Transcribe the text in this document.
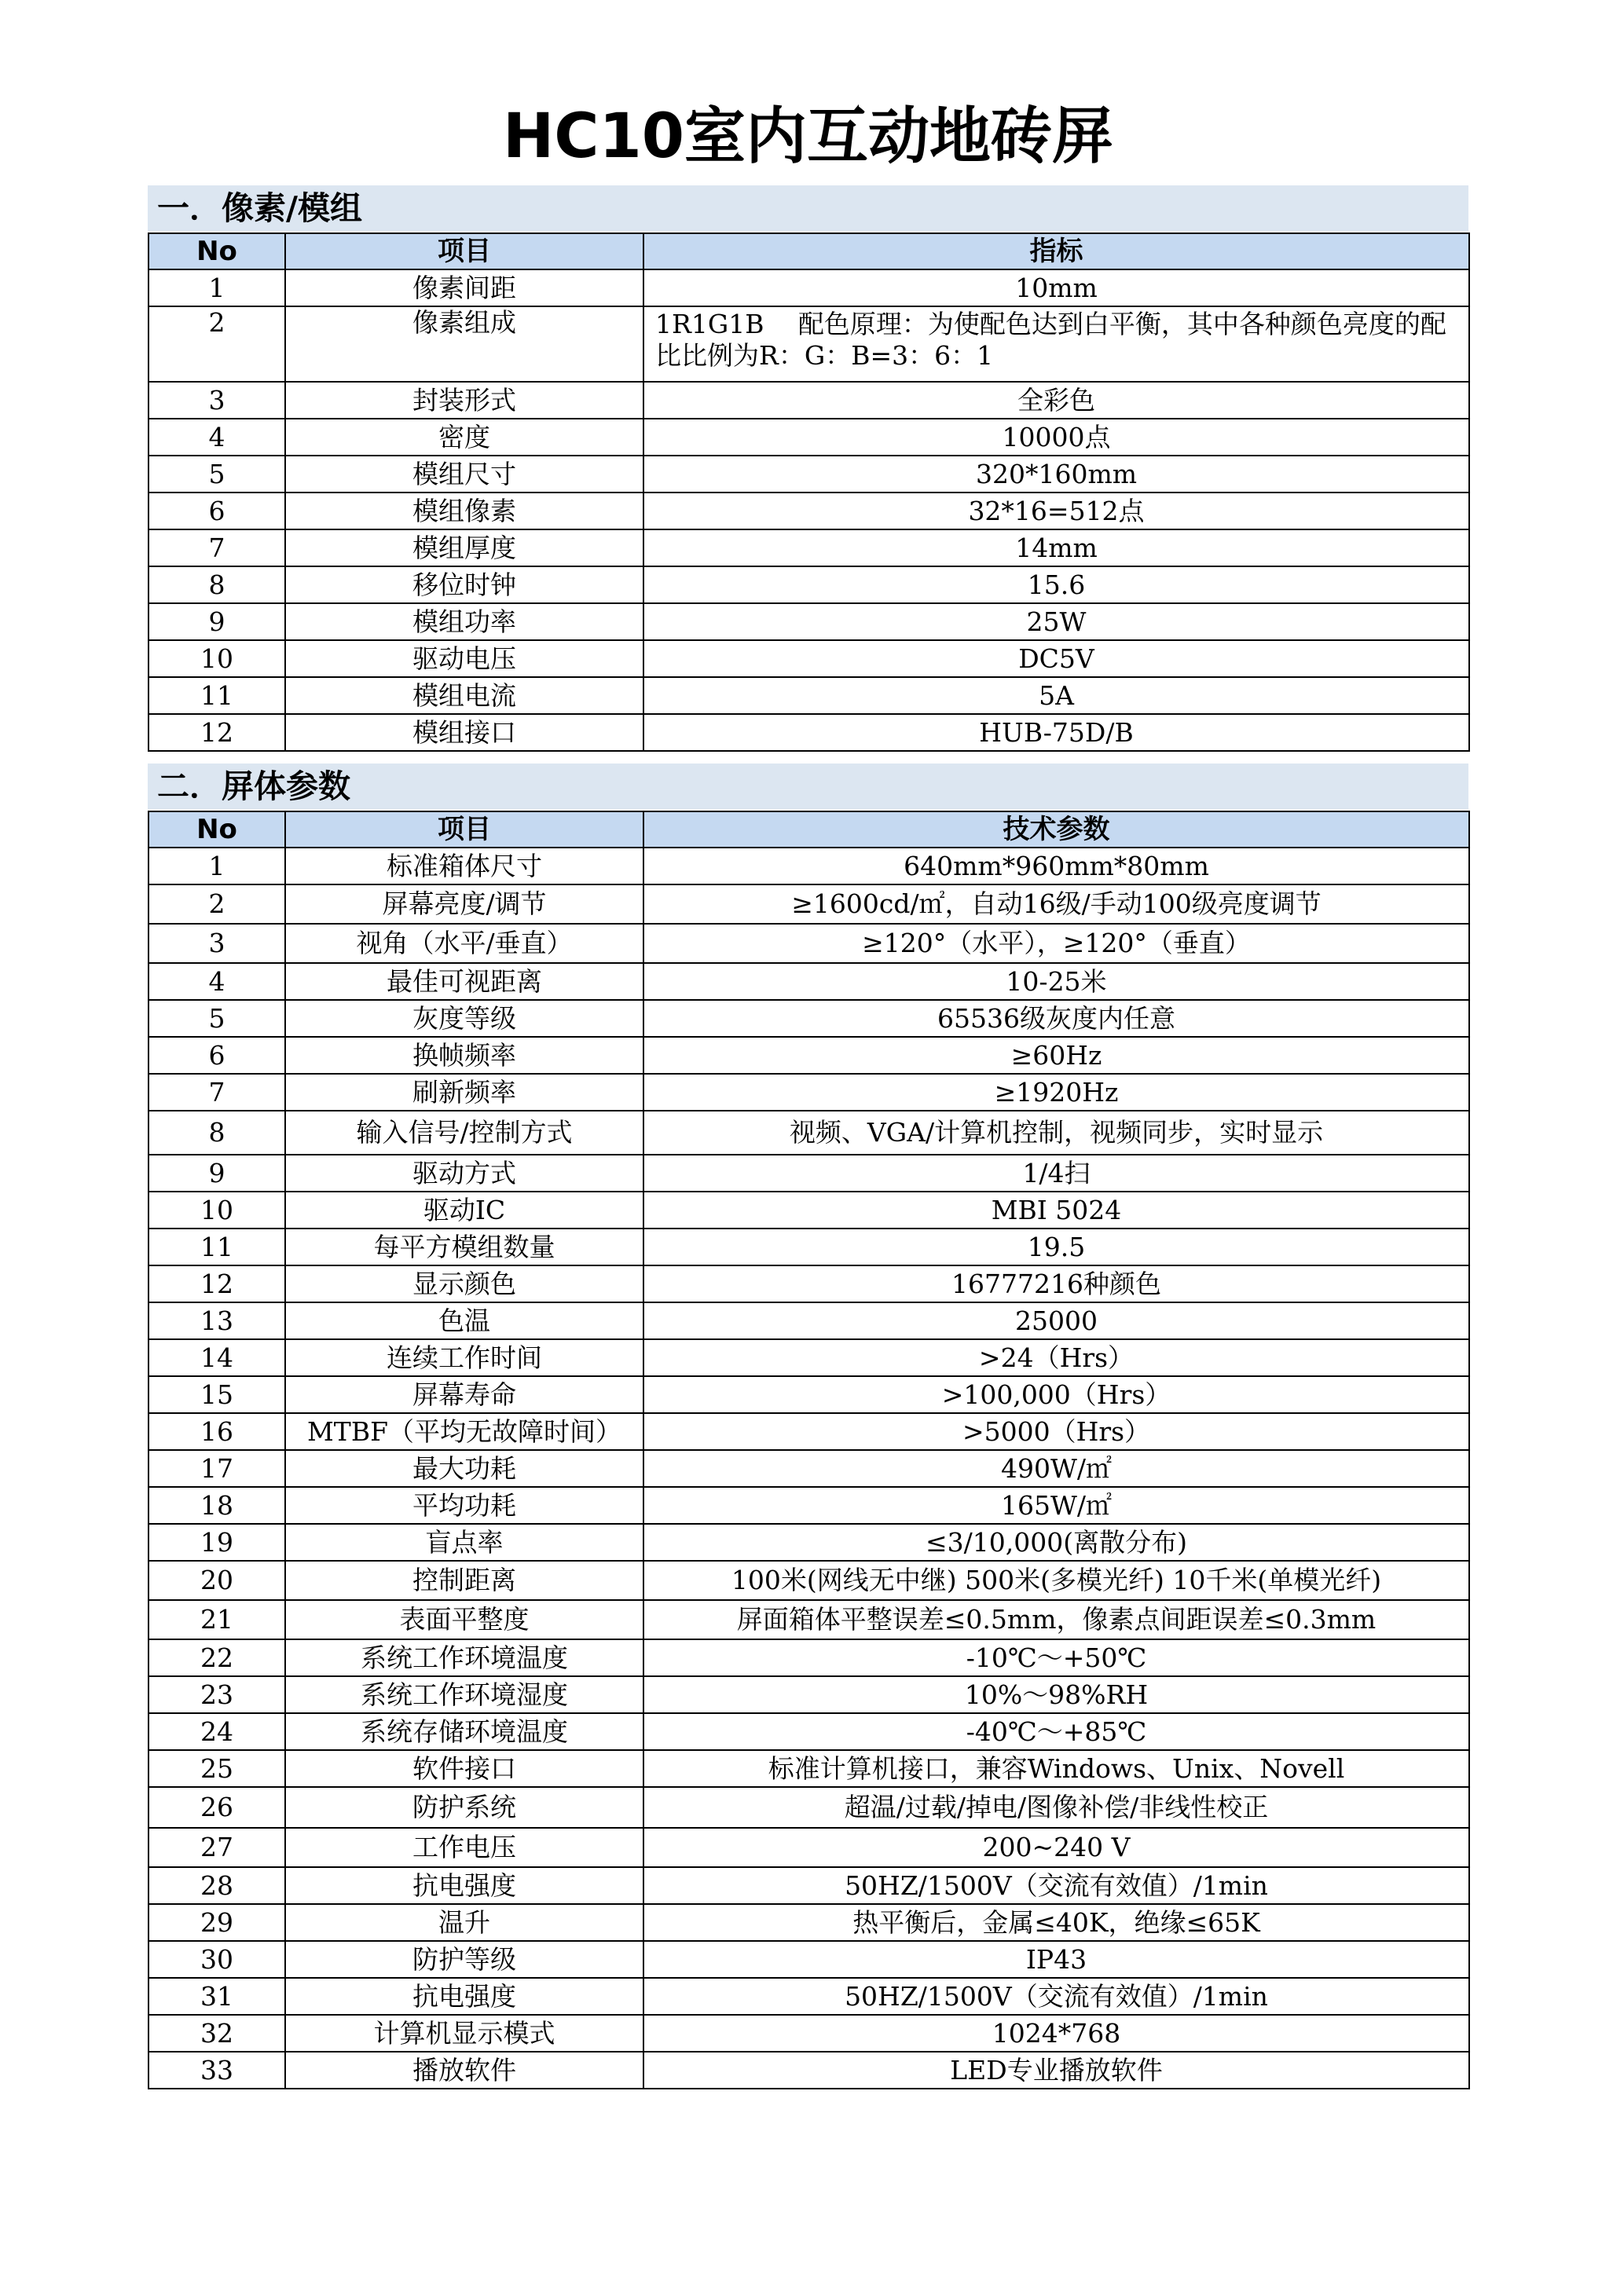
HC10室内互动地砖屏
一．像素/模组
No	项目	指标
1	像素间距	10mm
2	像素组成	1R1G1B　 配色原理：为使配色达到白平衡，其中各种颜色亮度的配比比例为R：G：B=3：6：1
3	封装形式	全彩色
4	密度	10000点
5	模组尺寸	320*160mm
6	模组像素	32*16=512点
7	模组厚度	14mm
8	移位时钟	15.6
9	模组功率	25W
10	驱动电压	DC5V
11	模组电流	5A
12	模组接口	HUB-75D/B
二．屏体参数
No	项目	技术参数
1	标准箱体尺寸	640mm*960mm*80mm
2	屏幕亮度/调节	≥1600cd/㎡，自动16级/手动100级亮度调节
3	视角（水平/垂直）	≥120°（水平），≥120°（垂直）
4	最佳可视距离	10-25米
5	灰度等级	65536级灰度内任意
6	换帧频率	≥60Hz
7	刷新频率	≥1920Hz
8	输入信号/控制方式	视频、VGA/计算机控制，视频同步，实时显示
9	驱动方式	1/4扫
10	驱动IC	MBI 5024
11	每平方模组数量	19.5
12	显示颜色	16777216种颜色
13	色温	25000
14	连续工作时间	>24（Hrs）
15	屏幕寿命	>100,000（Hrs）
16	MTBF（平均无故障时间）	>5000（Hrs）
17	最大功耗	490W/㎡
18	平均功耗	165W/㎡
19	盲点率	≤3/10,000(离散分布)
20	控制距离	100米(网线无中继) 500米(多模光纤) 10千米(单模光纤)
21	表面平整度	屏面箱体平整误差≤0.5mm，像素点间距误差≤0.3mm
22	系统工作环境温度	-10℃～+50℃
23	系统工作环境湿度	10%～98%RH
24	系统存储环境温度	-40℃～+85℃
25	软件接口	标准计算机接口，兼容Windows、Unix、Novell
26	防护系统	超温/过载/掉电/图像补偿/非线性校正
27	工作电压	200~240 V
28	抗电强度	50HZ/1500V（交流有效值）/1min
29	温升	热平衡后，金属≤40K，绝缘≤65K
30	防护等级	IP43
31	抗电强度	50HZ/1500V（交流有效值）/1min
32	计算机显示模式	1024*768
33	播放软件	LED专业播放软件
